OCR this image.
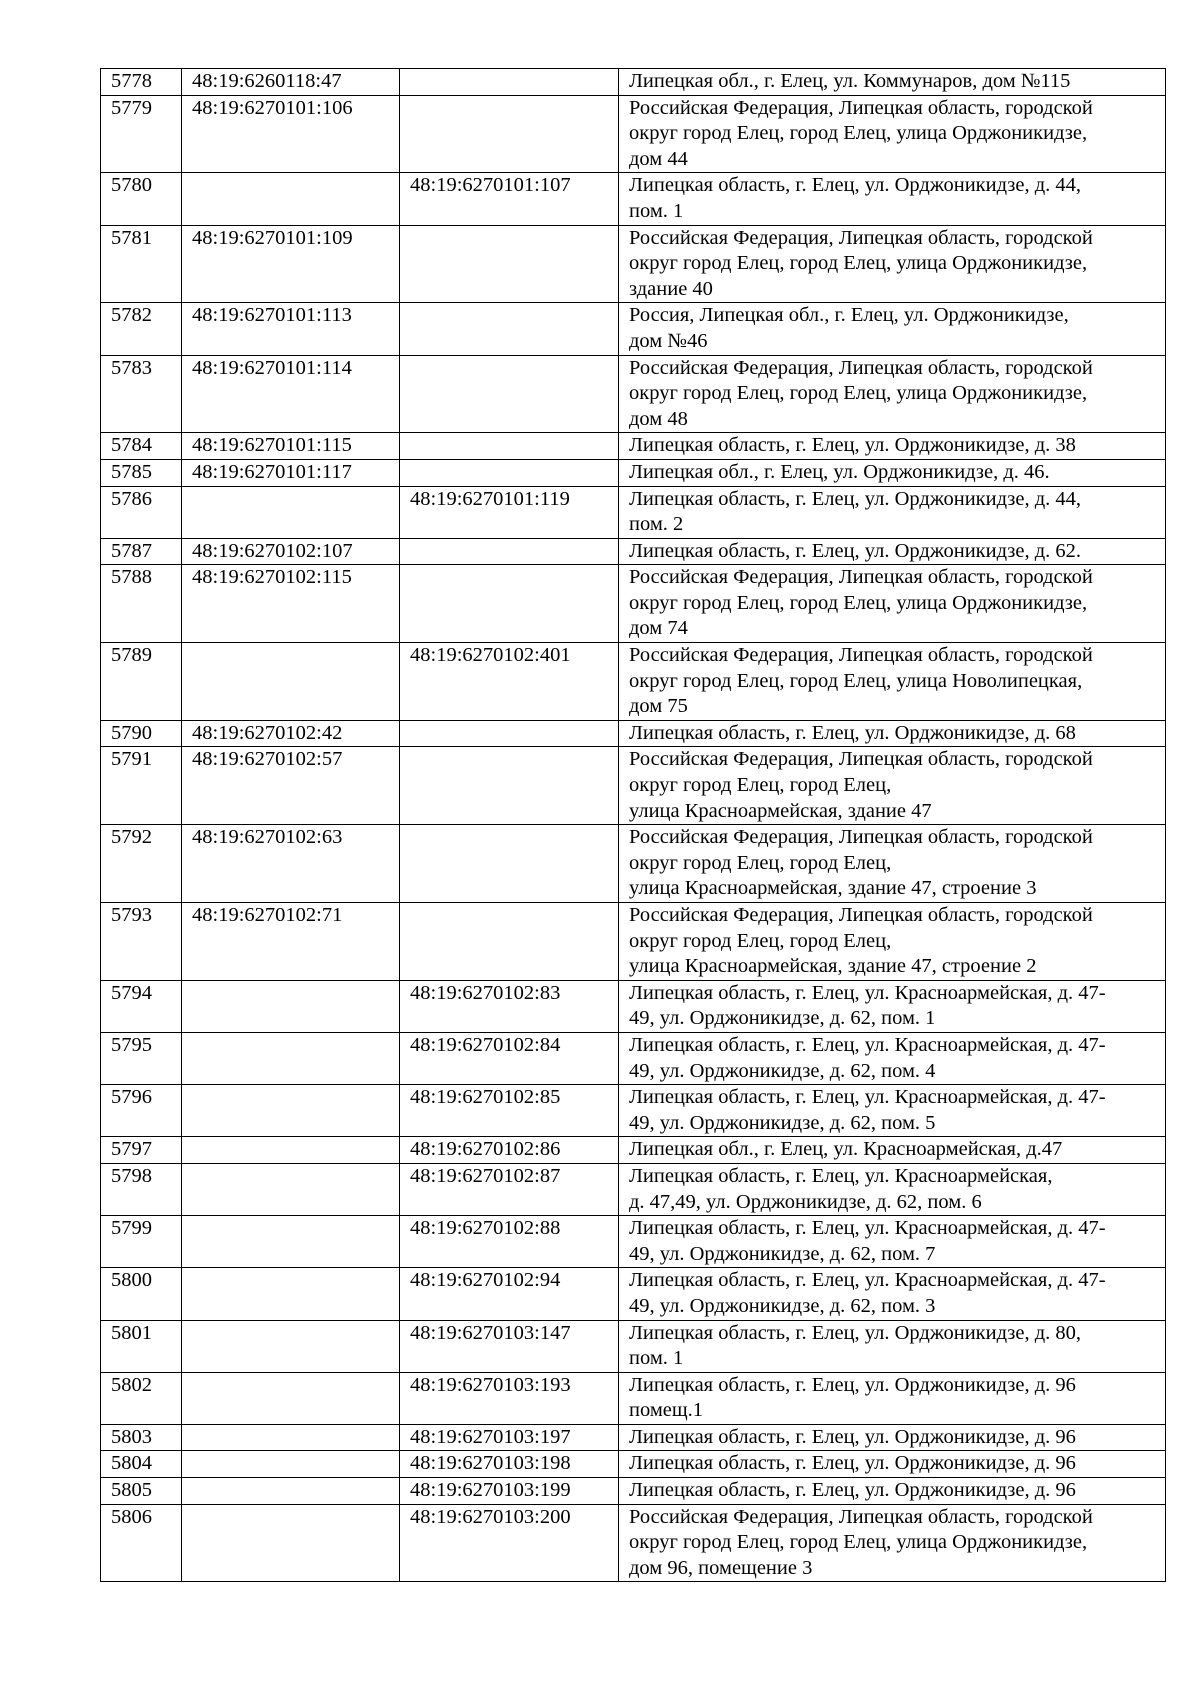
5778	48:19:6260118:47		Липецкая обл., г. Елец, ул. Коммунаров, дом №115
5779	48:19:6270101:106		Российская Федерация, Липецкая область, городской
округ город Елец, город Елец, улица Орджоникидзе,
дом 44
5780		48:19:6270101:107	Липецкая область, г. Елец, ул. Орджоникидзе, д. 44,
пом. 1
5781	48:19:6270101:109		Российская Федерация, Липецкая область, городской
округ город Елец, город Елец, улица Орджоникидзе,
здание 40
5782	48:19:6270101:113		Россия, Липецкая обл., г. Елец, ул. Орджоникидзе,
дом №46
5783	48:19:6270101:114		Российская Федерация, Липецкая область, городской
округ город Елец, город Елец, улица Орджоникидзе,
дом 48
5784	48:19:6270101:115		Липецкая область, г. Елец, ул. Орджоникидзе, д. 38
5785	48:19:6270101:117		Липецкая обл., г. Елец, ул. Орджоникидзе, д. 46.
5786		48:19:6270101:119	Липецкая область, г. Елец, ул. Орджоникидзе, д. 44,
пом. 2
5787	48:19:6270102:107		Липецкая область, г. Елец, ул. Орджоникидзе, д. 62.
5788	48:19:6270102:115		Российская Федерация, Липецкая область, городской
округ город Елец, город Елец, улица Орджоникидзе,
дом 74
5789		48:19:6270102:401	Российская Федерация, Липецкая область, городской
округ город Елец, город Елец, улица Новолипецкая,
дом 75
5790	48:19:6270102:42		Липецкая область, г. Елец, ул. Орджоникидзе, д. 68
5791	48:19:6270102:57		Российская Федерация, Липецкая область, городской
округ город Елец, город Елец,
улица Красноармейская, здание 47
5792	48:19:6270102:63		Российская Федерация, Липецкая область, городской
округ город Елец, город Елец,
улица Красноармейская, здание 47, строение 3
5793	48:19:6270102:71		Российская Федерация, Липецкая область, городской
округ город Елец, город Елец,
улица Красноармейская, здание 47, строение 2
5794		48:19:6270102:83	Липецкая область, г. Елец, ул. Красноармейская, д. 47-
49, ул. Орджоникидзе, д. 62, пом. 1
5795		48:19:6270102:84	Липецкая область, г. Елец, ул. Красноармейская, д. 47-
49, ул. Орджоникидзе, д. 62, пом. 4
5796		48:19:6270102:85	Липецкая область, г. Елец, ул. Красноармейская, д. 47-
49, ул. Орджоникидзе, д. 62, пом. 5
5797		48:19:6270102:86	Липецкая обл., г. Елец, ул. Красноармейская, д.47
5798		48:19:6270102:87	Липецкая область, г. Елец, ул. Красноармейская,
д. 47,49, ул. Орджоникидзе, д. 62, пом. 6
5799		48:19:6270102:88	Липецкая область, г. Елец, ул. Красноармейская, д. 47-
49, ул. Орджоникидзе, д. 62, пом. 7
5800		48:19:6270102:94	Липецкая область, г. Елец, ул. Красноармейская, д. 47-
49, ул. Орджоникидзе, д. 62, пом. 3
5801		48:19:6270103:147	Липецкая область, г. Елец, ул. Орджоникидзе, д. 80,
пом. 1
5802		48:19:6270103:193	Липецкая область, г. Елец, ул. Орджоникидзе, д. 96
помещ.1
5803		48:19:6270103:197	Липецкая область, г. Елец, ул. Орджоникидзе, д. 96
5804		48:19:6270103:198	Липецкая область, г. Елец, ул. Орджоникидзе, д. 96
5805		48:19:6270103:199	Липецкая область, г. Елец, ул. Орджоникидзе, д. 96
5806		48:19:6270103:200	Российская Федерация, Липецкая область, городской
округ город Елец, город Елец, улица Орджоникидзе,
дом 96, помещение 3
